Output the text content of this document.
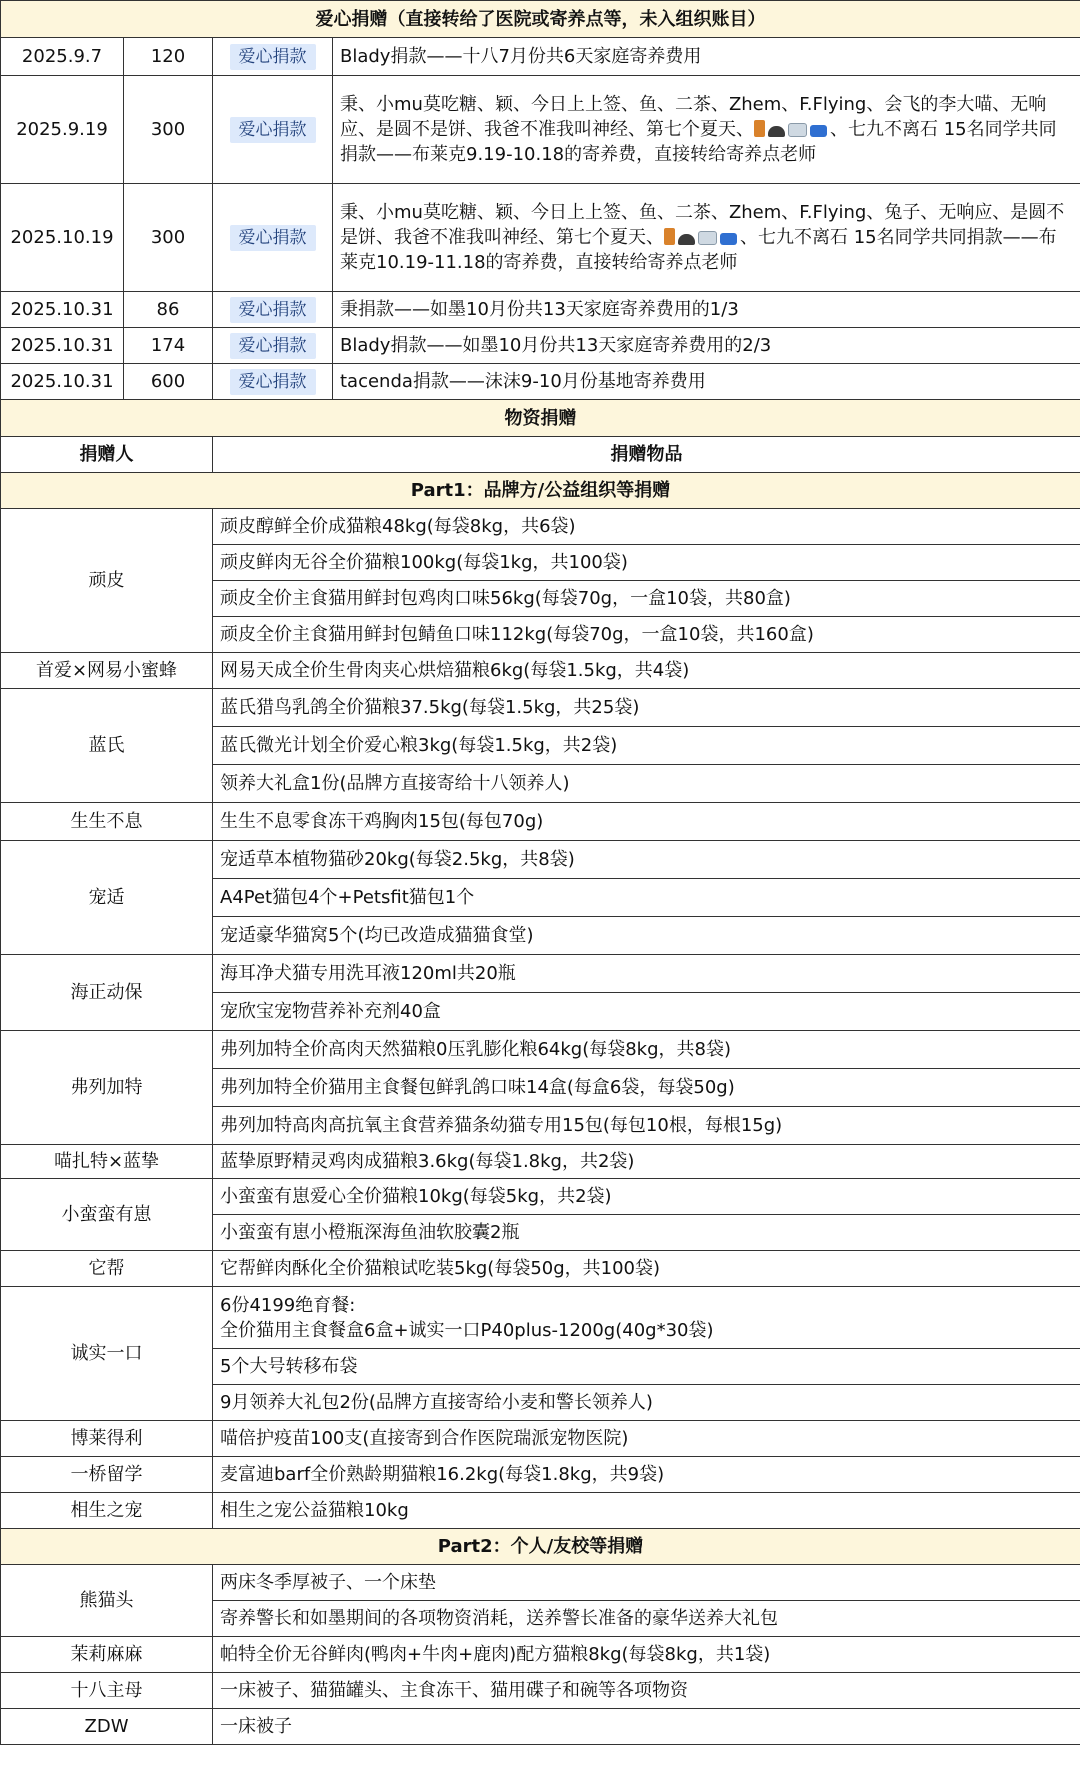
爱心捐赠（直接转给了医院或寄养点等，未入组织账目）			
2025.9.7	120	爱心捐款	Blady捐款——十八7月份共6天家庭寄养费用
2025.9.19	300	爱心捐款	秉、小mu莫吃糖、颖、今日上上签、鱼、二茶、Zhem、F.Flying、会飞的李大喵、无响应、是圆不是饼、我爸不准我叫神经、第七个夏天、 、七九不离石 15名同学共同捐款——布莱克9.19-10.18的寄养费，直接转给寄养点老师
2025.10.19	300	爱心捐款	秉、小mu莫吃糖、颖、今日上上签、鱼、二茶、Zhem、F.Flying、兔子、无响应、是圆不是饼、我爸不准我叫神经、第七个夏天、 、七九不离石 15名同学共同捐款——布莱克10.19-11.18的寄养费，直接转给寄养点老师
2025.10.31	86	爱心捐款	秉捐款——如墨10月份共13天家庭寄养费用的1/3
2025.10.31	174	爱心捐款	Blady捐款——如墨10月份共13天家庭寄养费用的2/3
2025.10.31	600	爱心捐款	tacenda捐款——沫沫9-10月份基地寄养费用
物资捐赠			
捐赠人		捐赠物品	
Part1：品牌方/公益组织等捐赠			
顽皮		顽皮醇鲜全价成猫粮48kg(每袋8kg，共6袋)	

		顽皮鲜肉无谷全价猫粮100kg(每袋1kg，共100袋)	

		顽皮全价主食猫用鲜封包鸡肉口味56kg(每袋70g，一盒10袋，共80盒)	

		顽皮全价主食猫用鲜封包鲭鱼口味112kg(每袋70g，一盒10袋，共160盒)	

首爱×网易小蜜蜂		网易天成全价生骨肉夹心烘焙猫粮6kg(每袋1.5kg，共4袋)	

蓝氏		蓝氏猎鸟乳鸽全价猫粮37.5kg(每袋1.5kg，共25袋)	

		蓝氏微光计划全价爱心粮3kg(每袋1.5kg，共2袋)	

		领养大礼盒1份(品牌方直接寄给十八领养人)	

生生不息		生生不息零食冻干鸡胸肉15包(每包70g)	

宠适		宠适草本植物猫砂20kg(每袋2.5kg，共8袋)	

		A4Pet猫包4个+Petsfit猫包1个	

		宠适豪华猫窝5个(均已改造成猫猫食堂)	

海正动保		海耳净犬猫专用洗耳液120ml共20瓶	

		宠欣宝宠物营养补充剂40盒	

弗列加特		弗列加特全价高肉天然猫粮0压乳膨化粮64kg(每袋8kg，共8袋)	

		弗列加特全价猫用主食餐包鲜乳鸽口味14盒(每盒6袋，每袋50g)	

		弗列加特高肉高抗氧主食营养猫条幼猫专用15包(每包10根，每根15g)	

喵扎特×蓝挚		蓝挚原野精灵鸡肉成猫粮3.6kg(每袋1.8kg，共2袋)	

小蛮蛮有崽		小蛮蛮有崽爱心全价猫粮10kg(每袋5kg，共2袋)	

		小蛮蛮有崽小橙瓶深海鱼油软胶囊2瓶	

它帮		它帮鲜肉酥化全价猫粮试吃装5kg(每袋50g，共100袋)	

诚实一口		6份4199绝育餐:
全价猫用主食餐盒6盒+诚实一口P40plus-1200g(40g*30袋)	

		5个大号转移布袋	

		9月领养大礼包2份(品牌方直接寄给小麦和警长领养人)	

博莱得利		喵倍护疫苗100支(直接寄到合作医院瑞派宠物医院)	

一桥留学		麦富迪barf全价熟龄期猫粮16.2kg(每袋1.8kg，共9袋)	

相生之宠		相生之宠公益猫粮10kg	

Part2：个人/友校等捐赠			
熊猫头		两床冬季厚被子、一个床垫	

		寄养警长和如墨期间的各项物资消耗，送养警长准备的豪华送养大礼包	

茉莉麻麻		帕特全价无谷鲜肉(鸭肉+牛肉+鹿肉)配方猫粮8kg(每袋8kg，共1袋)	

十八主母		一床被子、猫猫罐头、主食冻干、猫用碟子和碗等各项物资	

ZDW		一床被子	
